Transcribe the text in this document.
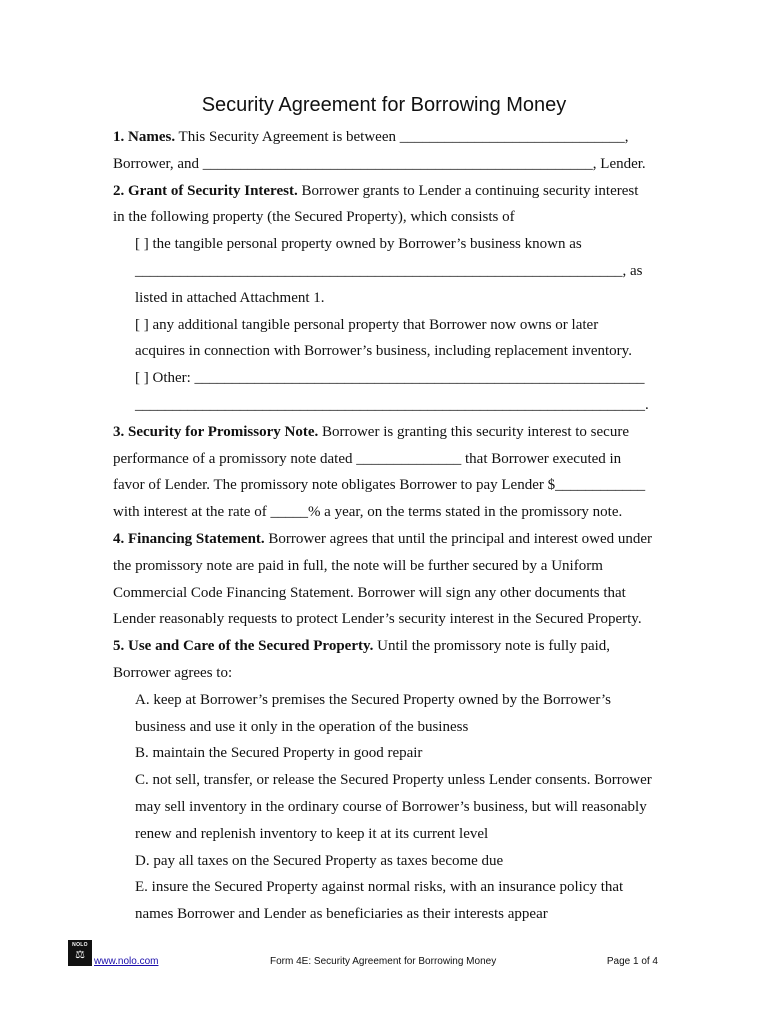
Security Agreement for Borrowing Money

1. Names. This Security Agreement is between ______________________________,

Borrower, and ____________________________________________________, Lender.

2. Grant of Security Interest. Borrower grants to Lender a continuing security interest

in the following property (the Secured Property), which consists of

[ ] the tangible personal property owned by Borrower’s business known as

_________________________________________________________________, as

listed in attached Attachment 1.

[ ] any additional tangible personal property that Borrower now owns or later

acquires in connection with Borrower’s business, including replacement inventory.

[ ] Other: ____________________________________________________________

____________________________________________________________________.

3. Security for Promissory Note. Borrower is granting this security interest to secure

performance of a promissory note dated ______________ that Borrower executed in

favor of Lender. The promissory note obligates Borrower to pay Lender $____________

with interest at the rate of _____% a year, on the terms stated in the promissory note.

4. Financing Statement. Borrower agrees that until the principal and interest owed under

the promissory note are paid in full, the note will be further secured by a Uniform

Commercial Code Financing Statement. Borrower will sign any other documents that

Lender reasonably requests to protect Lender’s security interest in the Secured Property.

5. Use and Care of the Secured Property. Until the promissory note is fully paid,

Borrower agrees to:

A. keep at Borrower’s premises the Secured Property owned by the Borrower’s

business and use it only in the operation of the business

B. maintain the Secured Property in good repair

C. not sell, transfer, or release the Secured Property unless Lender consents. Borrower

may sell inventory in the ordinary course of Borrower’s business, but will reasonably

renew and replenish inventory to keep it at its current level

D. pay all taxes on the Secured Property as taxes become due

E. insure the Secured Property against normal risks, with an insurance policy that

names Borrower and Lender as beneficiaries as their interests appear

NOLO
⚖
www.nolo.com	Form 4E: Security Agreement for Borrowing Money	Page 1 of 4
